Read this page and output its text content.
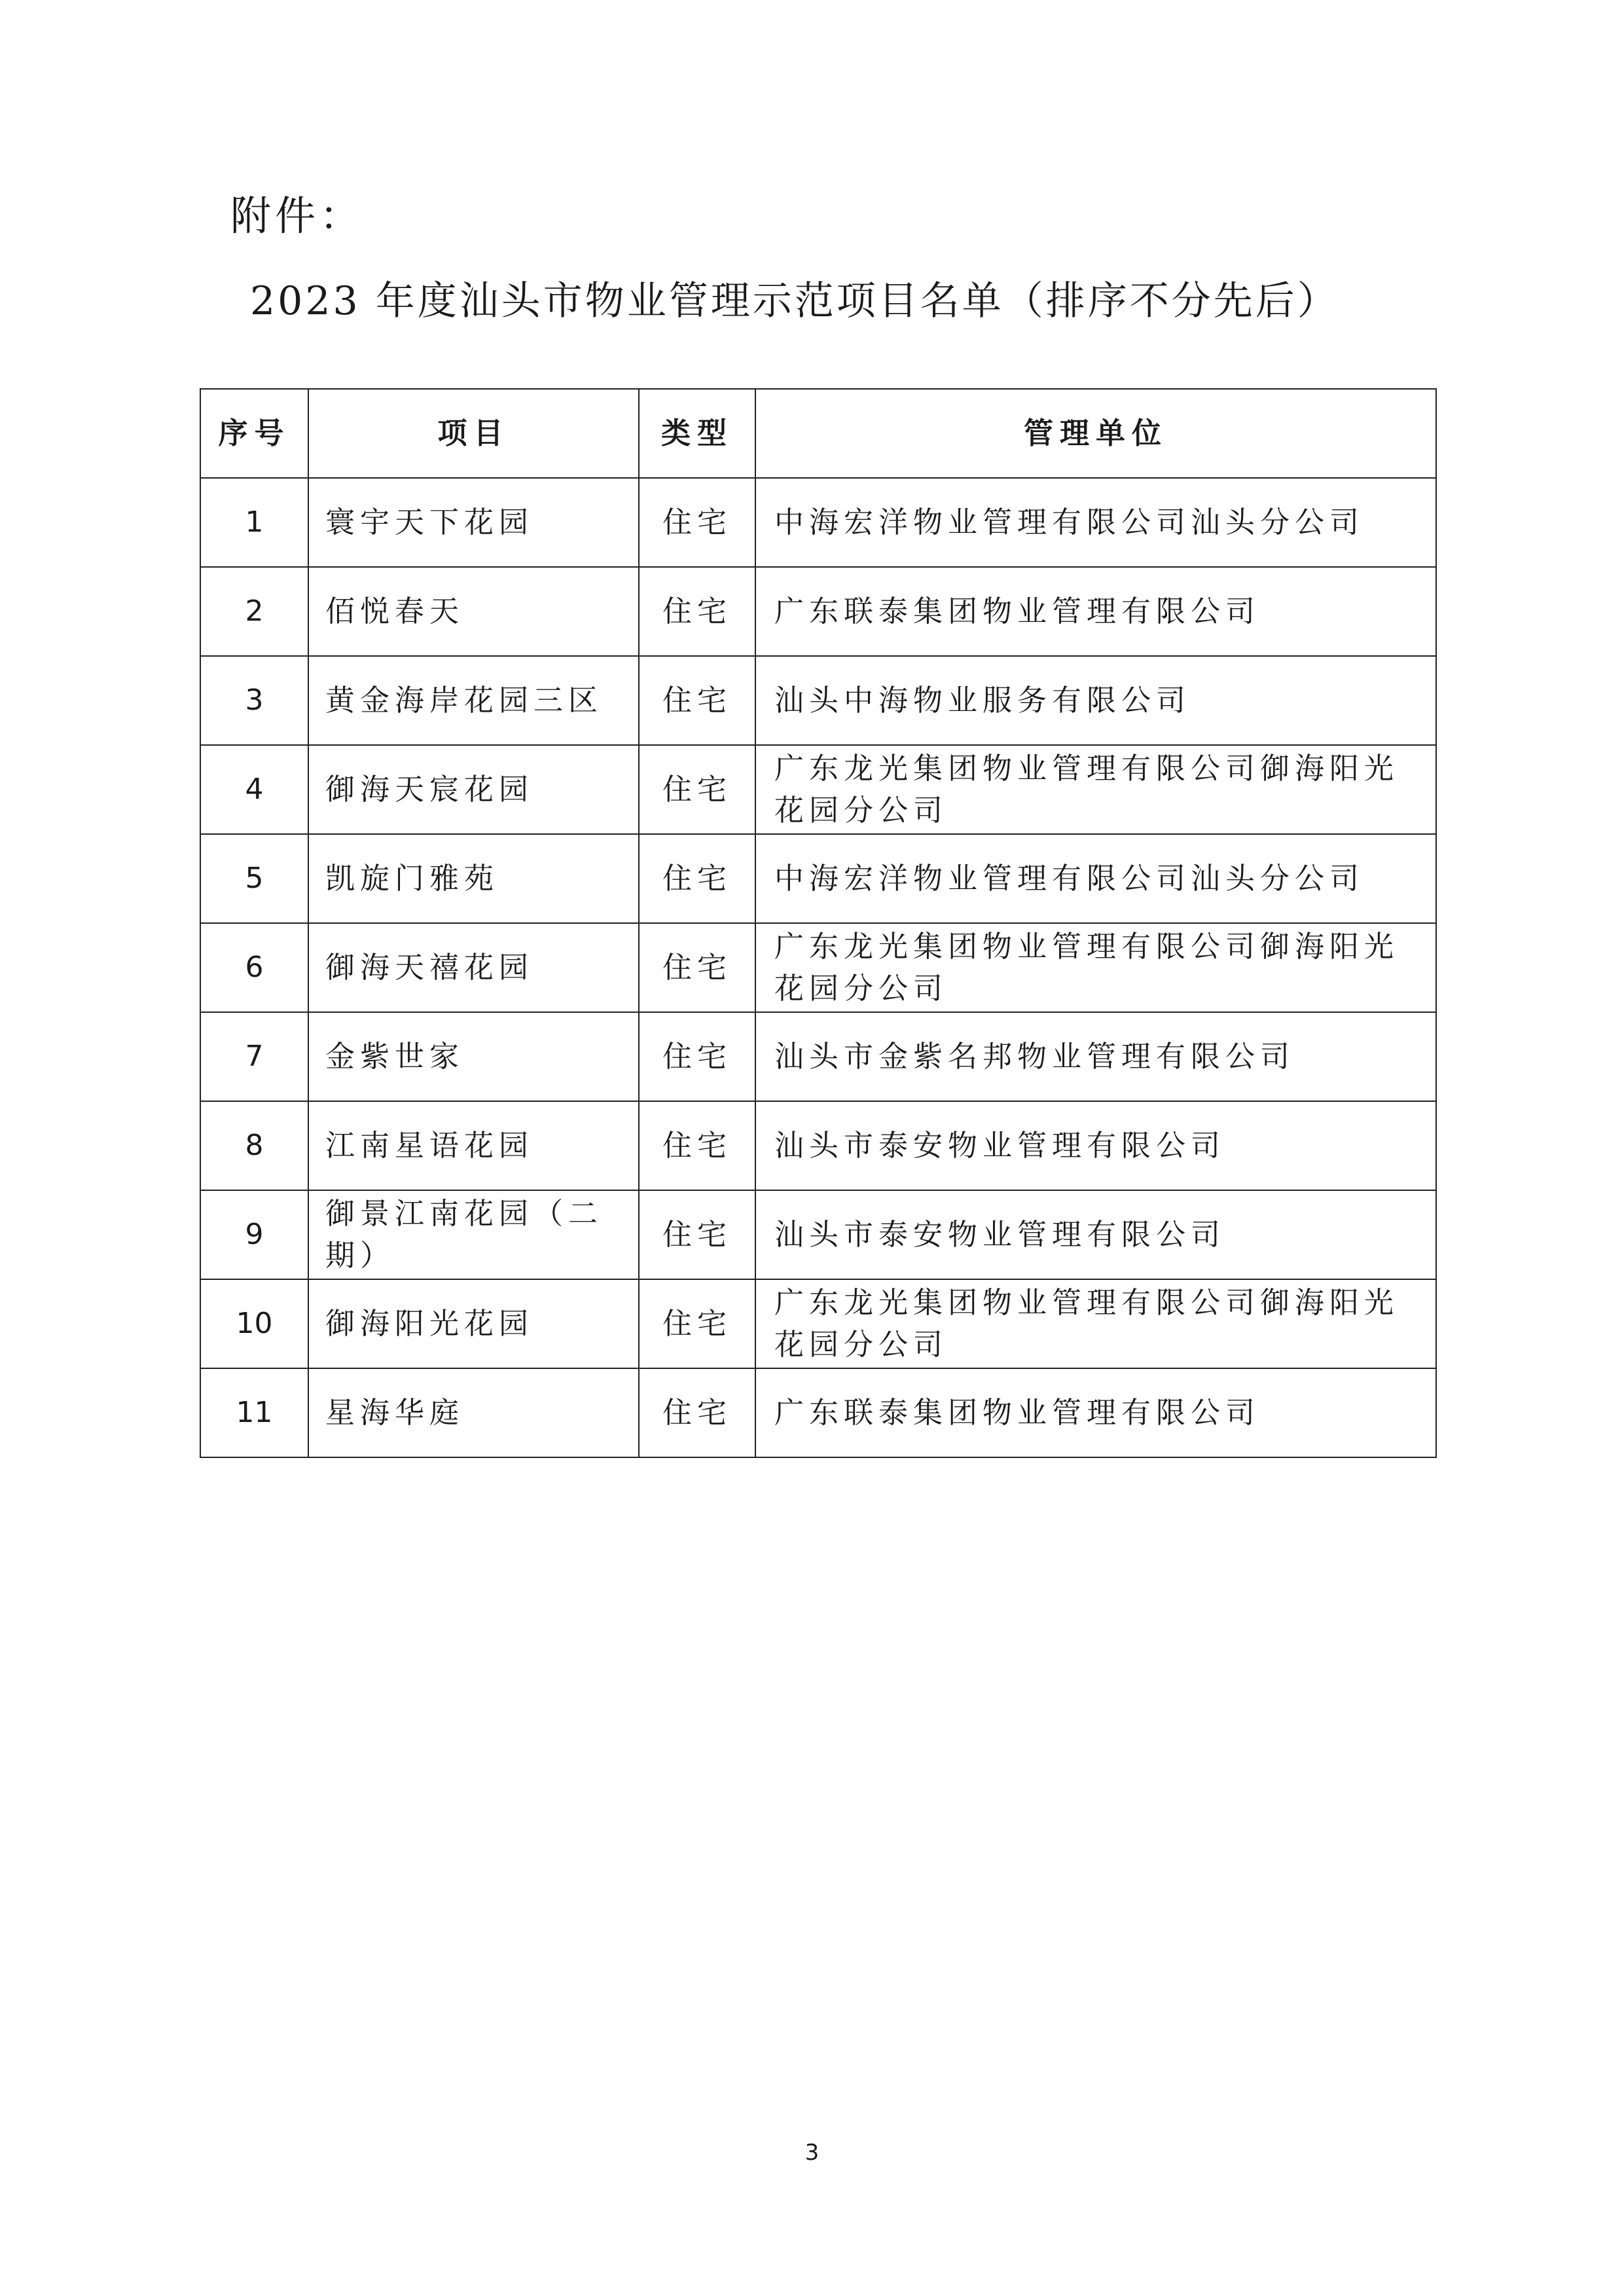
附件：
2023 年度汕头市物业管理示范项目名单（排序不分先后）
序号	项目	类型	管理单位
1	寰宇天下花园	住宅	中海宏洋物业管理有限公司汕头分公司
2	佰悦春天	住宅	广东联泰集团物业管理有限公司
3	黄金海岸花园三区	住宅	汕头中海物业服务有限公司
4	御海天宸花园	住宅	广东龙光集团物业管理有限公司御海阳光花园分公司
5	凯旋门雅苑	住宅	中海宏洋物业管理有限公司汕头分公司
6	御海天禧花园	住宅	广东龙光集团物业管理有限公司御海阳光花园分公司
7	金紫世家	住宅	汕头市金紫名邦物业管理有限公司
8	江南星语花园	住宅	汕头市泰安物业管理有限公司
9	御景江南花园（二期）	住宅	汕头市泰安物业管理有限公司
10	御海阳光花园	住宅	广东龙光集团物业管理有限公司御海阳光花园分公司
11	星海华庭	住宅	广东联泰集团物业管理有限公司
3
